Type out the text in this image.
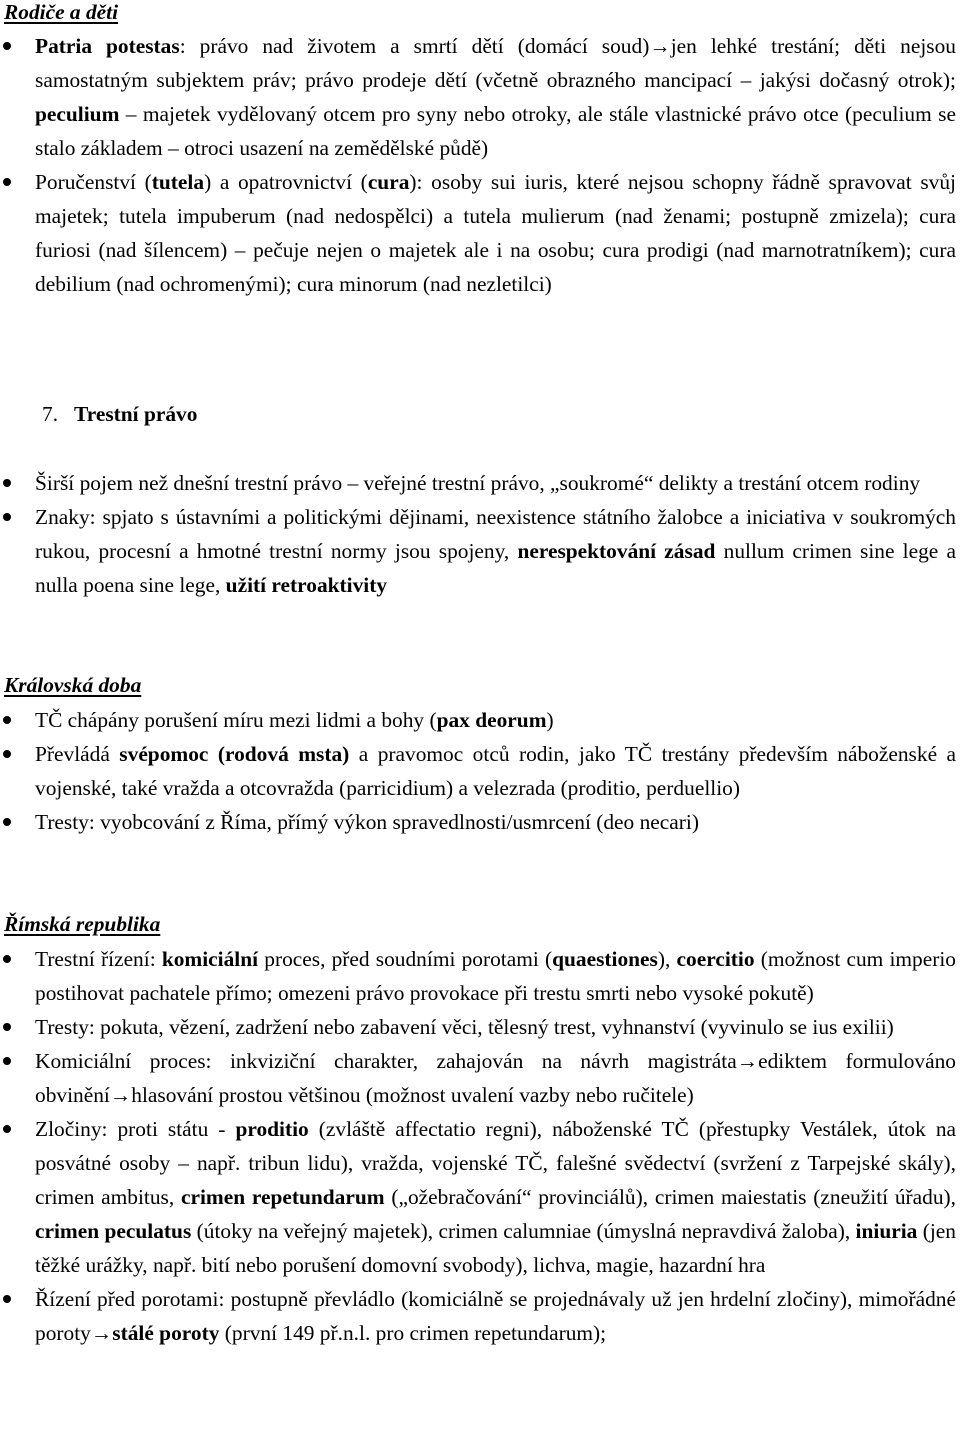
Rodiče a děti
Patria potestas: právo nad životem a smrtí dětí (domácí soud)→jen lehké trestání; děti nejsou samostatným subjektem práv; právo prodeje dětí (včetně obrazného mancipací – jakýsi dočasný otrok); peculium – majetek vydělovaný otcem pro syny nebo otroky, ale stále vlastnické právo otce (peculium se stalo základem – otroci usazení na zemědělské půdě)
Poručenství (tutela) a opatrovnictví (cura): osoby sui iuris, které nejsou schopny řádně spravovat svůj majetek; tutela impuberum (nad nedospělci) a tutela mulierum (nad ženami; postupně zmizela); cura furiosi (nad šílencem) – pečuje nejen o majetek ale i na osobu; cura prodigi (nad marnotratníkem); cura debilium (nad ochromenými); cura minorum (nad nezletilci)
7. Trestní právo
Širší pojem než dnešní trestní právo – veřejné trestní právo, „soukromé“ delikty a trestání otcem rodiny
Znaky: spjato s ústavními a politickými dějinami, neexistence státního žalobce a iniciativa v soukromých rukou, procesní a hmotné trestní normy jsou spojeny, nerespektování zásad nullum crimen sine lege a nulla poena sine lege, užití retroaktivity
Královská doba
TČ chápány porušení míru mezi lidmi a bohy (pax deorum)
Převládá svépomoc (rodová msta) a pravomoc otců rodin, jako TČ trestány především náboženské a vojenské, také vražda a otcovražda (parricidium) a velezrada (proditio, perduellio)
Tresty: vyobcování z Říma, přímý výkon spravedlnosti/usmrcení (deo necari)
Římská republika
Trestní řízení: komiciální proces, před soudními porotami (quaestiones), coercitio (možnost cum imperio postihovat pachatele přímo; omezeni právo provokace při trestu smrti nebo vysoké pokutě)
Tresty: pokuta, vězení, zadržení nebo zabavení věci, tělesný trest, vyhnanství (vyvinulo se ius exilii)
Komiciální proces: inkviziční charakter, zahajován na návrh magistráta→ediktem formulováno obvinění→hlasování prostou většinou (možnost uvalení vazby nebo ručitele)
Zločiny: proti státu - proditio (zvláště affectatio regni), náboženské TČ (přestupky Vestálek, útok na posvátné osoby – např. tribun lidu), vražda, vojenské TČ, falešné svědectví (svržení z Tarpejské skály), crimen ambitus, crimen repetundarum („ožebračování“ provinciálů), crimen maiestatis (zneužití úřadu), crimen peculatus (útoky na veřejný majetek), crimen calumniae (úmyslná nepravdivá žaloba), iniuria (jen těžké urážky, např. bití nebo porušení domovní svobody), lichva, magie, hazardní hra
Řízení před porotami: postupně převládlo (komiciálně se projednávaly už jen hrdelní zločiny), mimořádné poroty→stálé poroty (první 149 př.n.l. pro crimen repetundarum);
